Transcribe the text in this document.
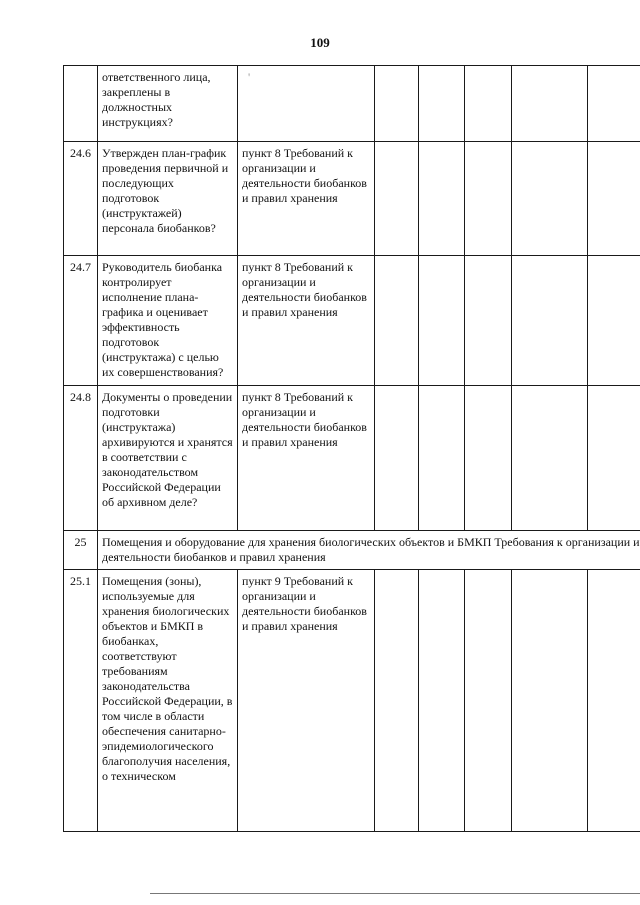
109
	ответственного лица, закреплены в должностных инструкциях?	'					
24.6	Утвержден план-график проведения первичной и последующих подготовок (инструктажей) персонала биобанков?	пункт 8 Требований к организации и деятельности биобанков и правил хранения					
24.7	Руководитель биобанка контролирует исполнение плана-графика и оценивает эффективность подготовок (инструктажа) с целью их совершенствования?	пункт 8 Требований к организации и деятельности биобанков и правил хранения					
24.8	Документы о проведении подготовки (инструктажа) архивируются и хранятся в соответствии с законодательством Российской Федерации об архивном деле?	пункт 8 Требований к организации и деятельности биобанков и правил хранения					
25	Помещения и оборудование для хранения биологических объектов и БМКП Требования к организации и деятельности биобанков и правил хранения						
25.1	Помещения (зоны), используемые для хранения биологических объектов и БМКП в биобанках, соответствуют требованиям законодательства Российской Федерации, в том числе в области обеспечения санитарно-эпидемиологического благополучия населения, о техническом	пункт 9 Требований к организации и деятельности биобанков и правил хранения					
